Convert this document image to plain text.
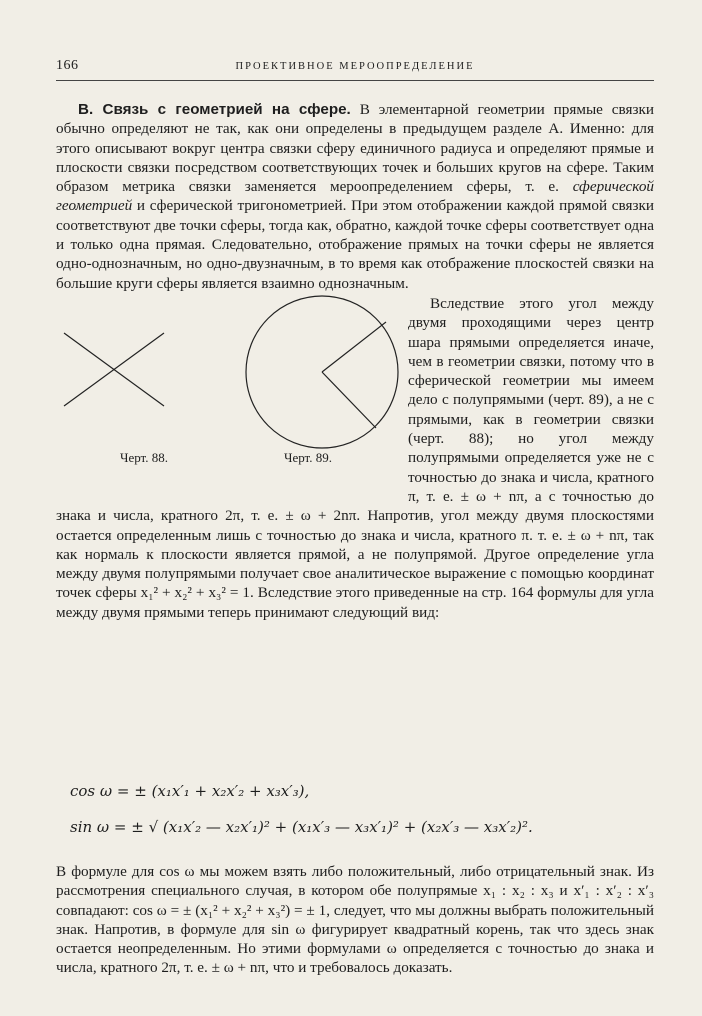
166	ПРОЕКТИВНОЕ МЕРООПРЕДЕЛЕНИЕ

В. Связь с геометрией на сфере. В элементарной геометрии прямые связки обычно определяют не так, как они определены в предыдущем разделе А. Именно: для этого описывают вокруг центра связки сферу единичного радиуса и определяют прямые и плоскости связки посредством соответствующих точек и больших кругов на сфере. Таким образом метрика связки заменяется мероопределением сферы, т. е. сферической геометрией и сферической тригонометрией. При этом отображении каждой прямой связки соответствуют две точки сферы, тогда как, обратно, каждой точке сферы соответствует одна и только одна прямая. Следовательно, отображение прямых на точки сферы не является одно-однозначным, но одно-двузначным, в то время как отображение плоскостей связки на большие круги сферы является взаимно однозначным.

Черт. 88.	Черт. 89.

Вследствие этого угол между двумя проходящими через центр шара прямыми определяется иначе, чем в геометрии связки, потому что в сферической геометрии мы имеем дело с полупрямыми (черт. 89), а не с прямыми, как в геометрии связки (черт. 88); но угол между полупрямыми определяется уже не с точностью до знака и числа, кратного π, т. е. ± ω + nπ, а с точностью до знака и числа, кратного 2π, т. е. ± ω + 2nπ. Напротив, угол между двумя плоскостями остается определенным лишь с точностью до знака и числа, кратного π. т. е. ± ω + nπ, так как нормаль к плоскости является прямой, а не полупрямой. Другое определение угла между двумя полупрямыми получает свое аналитическое выражение с помощью координат точек сферы x₁² + x₂² + x₃² = 1. Вследствие этого приведенные на стр. 164 формулы для угла между двумя прямыми теперь принимают следующий вид:

cos ω = ± (x₁x′₁ + x₂x′₂ + x₃x′₃),
sin ω = ± √ (x₁x′₂ — x₂x′₁)² + (x₁x′₃ — x₃x′₁)² + (x₂x′₃ — x₃x′₂)².

В формуле для cos ω мы можем взять либо положительный, либо отрицательный знак. Из рассмотрения специального случая, в котором обе полупрямые x₁ : x₂ : x₃ и x′₁ : x′₂ : x′₃ совпадают: cos ω = ± (x₁² + x₂² + x₃²) = ± 1, следует, что мы должны выбрать положительный знак. Напротив, в формуле для sin ω фигурирует квадратный корень, так что здесь знак остается неопределенным. Но этими формулами ω определяется с точностью до знака и числа, кратного 2π, т. е. ± ω + nπ, что и требовалось доказать.
